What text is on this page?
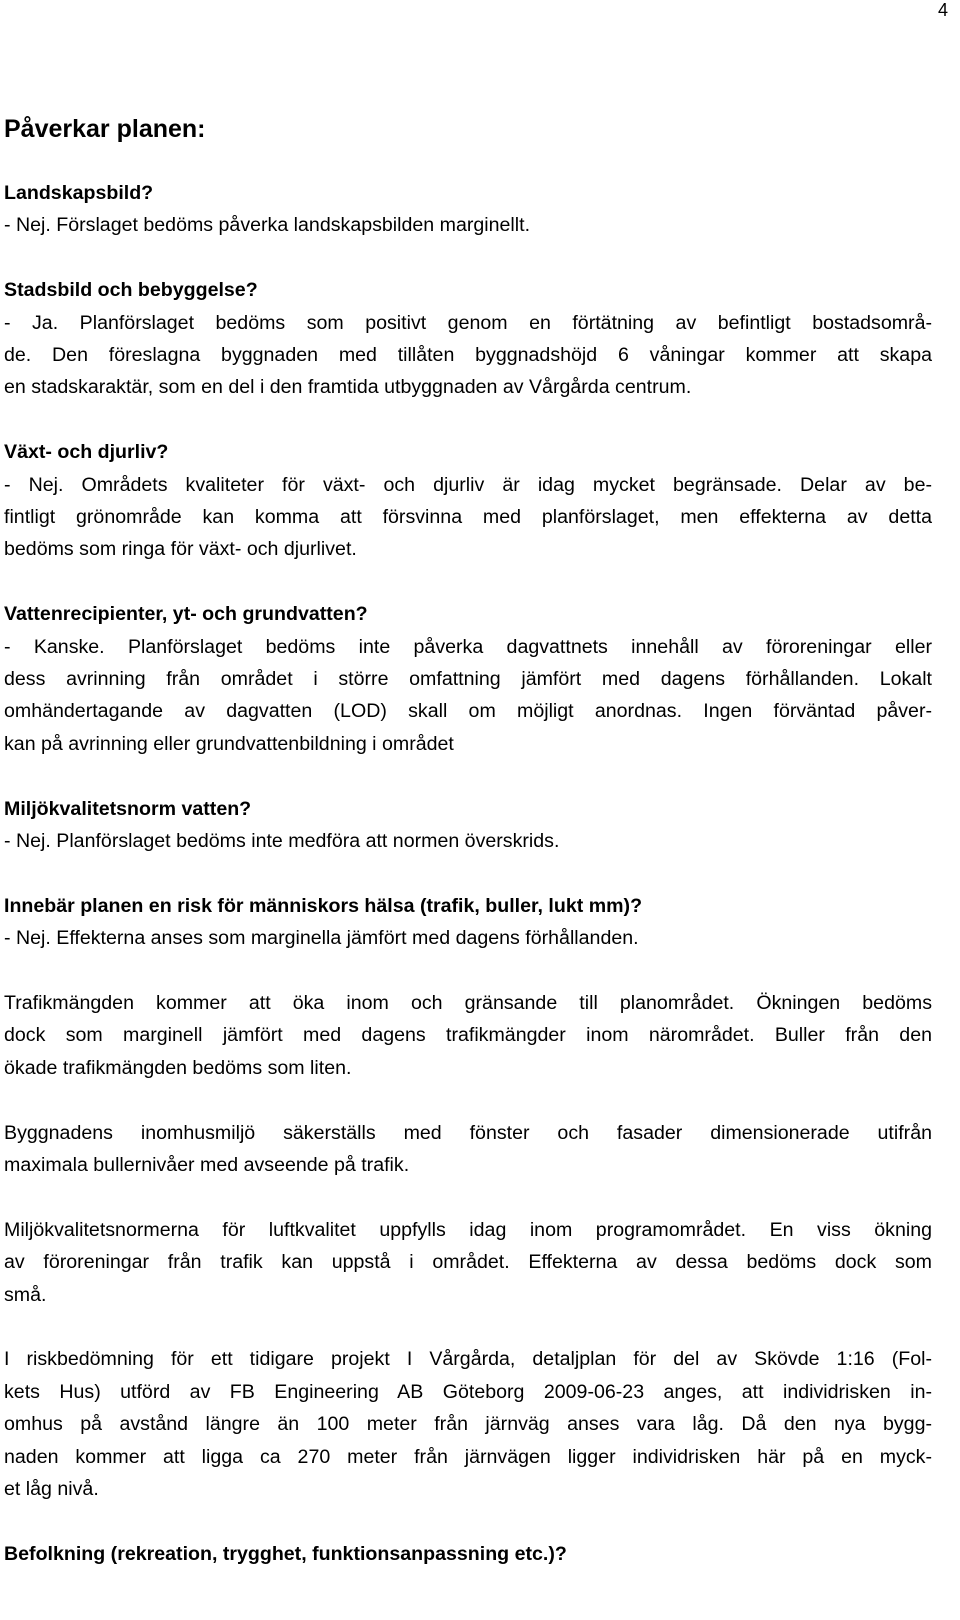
4
Påverkar planen:
Landskapsbild?
- Nej. Förslaget bedöms påverka landskapsbilden marginellt.
Stadsbild och bebyggelse?
- Ja. Planförslaget bedöms som positivt genom en förtätning av befintligt bostadsområ-
de. Den föreslagna byggnaden med tillåten byggnadshöjd 6 våningar kommer att skapa
en stadskaraktär, som en del i den framtida utbyggnaden av Vårgårda centrum.
Växt- och djurliv?
- Nej. Områdets kvaliteter för växt- och djurliv är idag mycket begränsade. Delar av be-
fintligt grönområde kan komma att försvinna med planförslaget, men effekterna av detta
bedöms som ringa för växt- och djurlivet.
Vattenrecipienter, yt- och grundvatten?
- Kanske. Planförslaget bedöms inte påverka dagvattnets innehåll av föroreningar eller
dess avrinning från området i större omfattning jämfört med dagens förhållanden. Lokalt
omhändertagande av dagvatten (LOD) skall om möjligt anordnas. Ingen förväntad påver-
kan på avrinning eller grundvattenbildning i området
Miljökvalitetsnorm vatten?
- Nej. Planförslaget bedöms inte medföra att normen överskrids.
Innebär planen en risk för människors hälsa (trafik, buller, lukt mm)?
- Nej. Effekterna anses som marginella jämfört med dagens förhållanden.
Trafikmängden kommer att öka inom och gränsande till planområdet. Ökningen bedöms
dock som marginell jämfört med dagens trafikmängder inom närområdet. Buller från den
ökade trafikmängden bedöms som liten.
Byggnadens inomhusmiljö säkerställs med fönster och fasader dimensionerade utifrån
maximala bullernivåer med avseende på trafik.
Miljökvalitetsnormerna för luftkvalitet uppfylls idag inom programområdet. En viss ökning
av föroreningar från trafik kan uppstå i området. Effekterna av dessa bedöms dock som
små.
I riskbedömning för ett tidigare projekt I Vårgårda, detaljplan för del av Skövde 1:16 (Fol-
kets Hus) utförd av FB Engineering AB Göteborg 2009-06-23 anges, att individrisken in-
omhus på avstånd längre än 100 meter från järnväg anses vara låg. Då den nya bygg-
naden kommer att ligga ca 270 meter från järnvägen ligger individrisken här på en myck-
et låg nivå.
Befolkning (rekreation, trygghet, funktionsanpassning etc.)?
